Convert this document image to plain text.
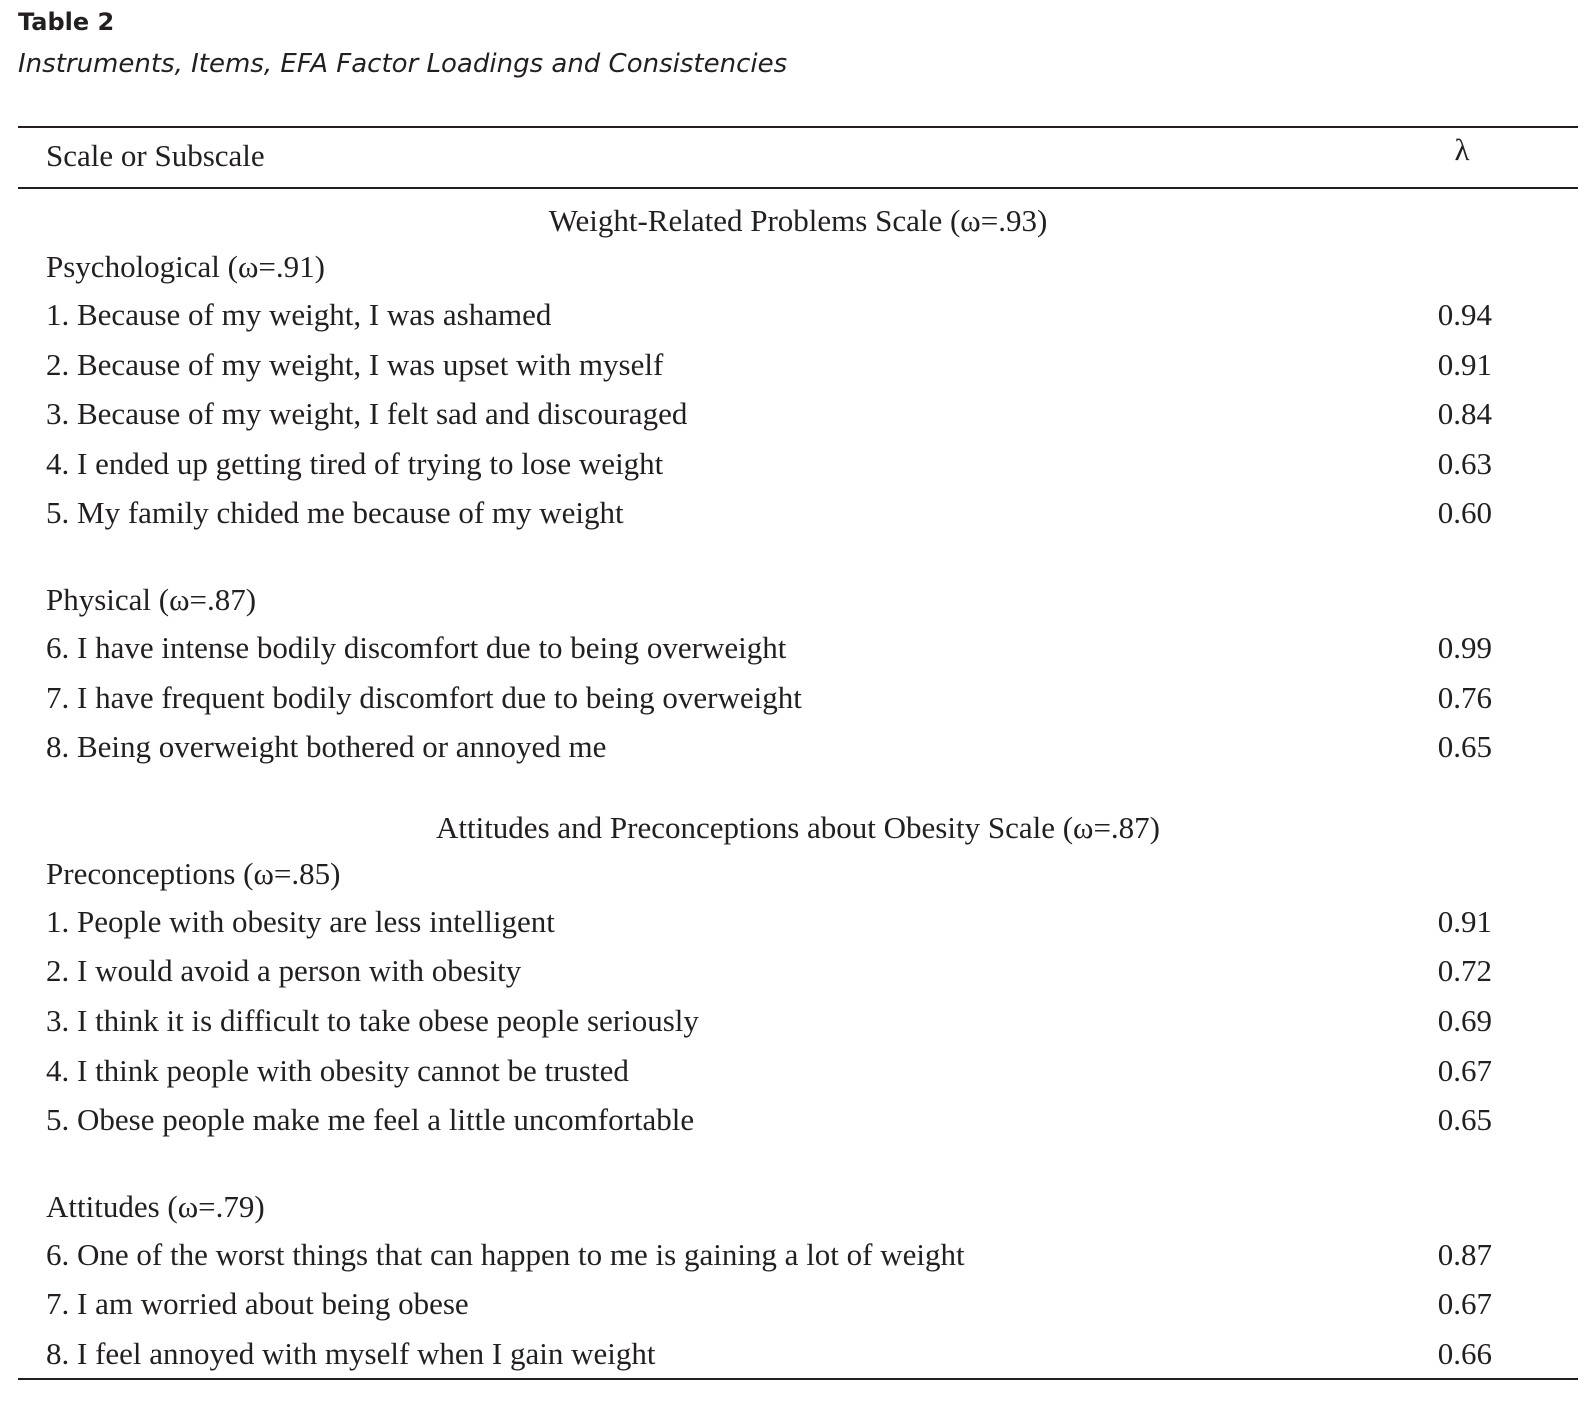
Table 2
Instruments, Items, EFA Factor Loadings and Consistencies
Scale or Subscale	λ
Weight-Related Problems Scale (ω=.93)
Psychological (ω=.91)
1. Because of my weight, I was ashamed	0.94
2. Because of my weight, I was upset with myself	0.91
3. Because of my weight, I felt sad and discouraged	0.84
4. I ended up getting tired of trying to lose weight	0.63
5. My family chided me because of my weight	0.60
Physical (ω=.87)
6. I have intense bodily discomfort due to being overweight	0.99
7. I have frequent bodily discomfort due to being overweight	0.76
8. Being overweight bothered or annoyed me	0.65
Attitudes and Preconceptions about Obesity Scale (ω=.87)
Preconceptions (ω=.85)
1. People with obesity are less intelligent	0.91
2. I would avoid a person with obesity	0.72
3. I think it is difficult to take obese people seriously	0.69
4. I think people with obesity cannot be trusted	0.67
5. Obese people make me feel a little uncomfortable	0.65
Attitudes (ω=.79)
6. One of the worst things that can happen to me is gaining a lot of weight	0.87
7. I am worried about being obese	0.67
8. I feel annoyed with myself when I gain weight	0.66
